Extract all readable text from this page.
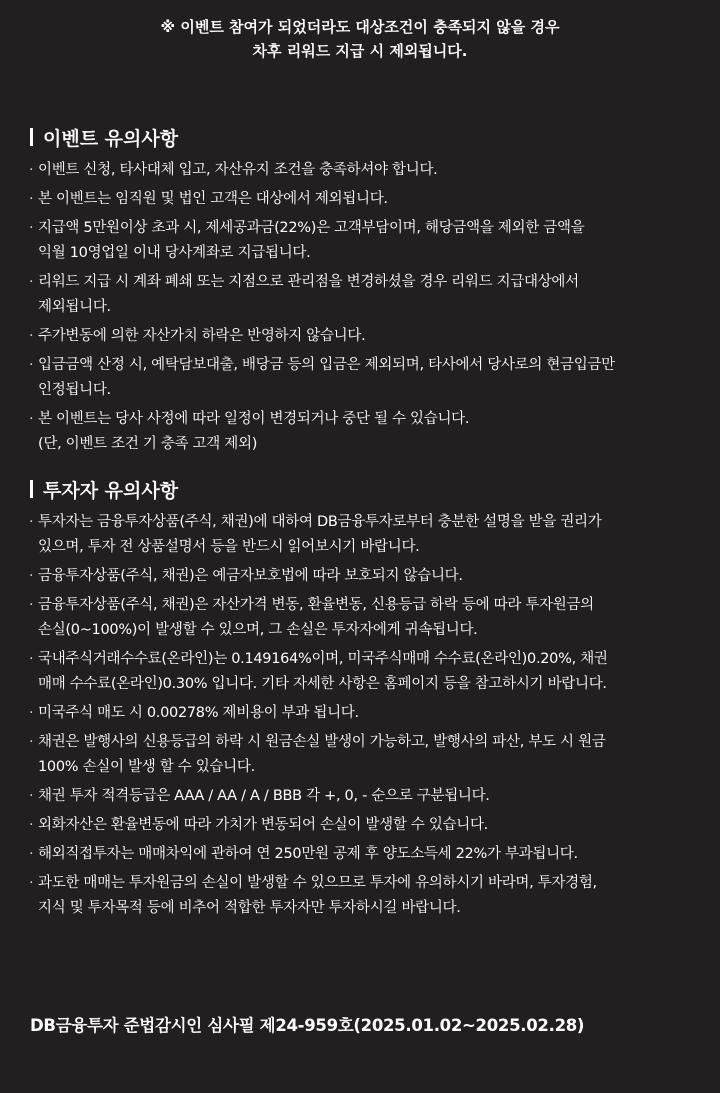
※ 이벤트 참여가 되었더라도 대상조건이 충족되지 않을 경우
차후 리워드 지급 시 제외됩니다.
이벤트 유의사항
· 이벤트 신청, 타사대체 입고, 자산유지 조건을 충족하셔야 합니다.
· 본 이벤트는 임직원 및 법인 고객은 대상에서 제외됩니다.
· 지급액 5만원이상 초과 시, 제세공과금(22%)은 고객부담이며, 해당금액을 제외한 금액을
익월 10영업일 이내 당사계좌로 지급됩니다.
· 리워드 지급 시 계좌 폐쇄 또는 지점으로 관리점을 변경하셨을 경우 리워드 지급대상에서
제외됩니다.
· 주가변동에 의한 자산가치 하락은 반영하지 않습니다.
· 입금금액 산정 시, 예탁담보대출, 배당금 등의 입금은 제외되며, 타사에서 당사로의 현금입금만
인정됩니다.
· 본 이벤트는 당사 사정에 따라 일정이 변경되거나 중단 될 수 있습니다.
(단, 이벤트 조건 기 충족 고객 제외)
투자자 유의사항
· 투자자는 금융투자상품(주식, 채권)에 대하여 DB금융투자로부터 충분한 설명을 받을 권리가
있으며, 투자 전 상품설명서 등을 반드시 읽어보시기 바랍니다.
· 금융투자상품(주식, 채권)은 예금자보호법에 따라 보호되지 않습니다.
· 금융투자상품(주식, 채권)은 자산가격 변동, 환율변동, 신용등급 하락 등에 따라 투자원금의
손실(0~100%)이 발생할 수 있으며, 그 손실은 투자자에게 귀속됩니다.
· 국내주식거래수수료(온라인)는 0.149164%이며, 미국주식매매 수수료(온라인)0.20%, 채권
매매 수수료(온라인)0.30% 입니다. 기타 자세한 사항은 홈페이지 등을 참고하시기 바랍니다.
· 미국주식 매도 시 0.00278% 제비용이 부과 됩니다.
· 채권은 발행사의 신용등급의 하락 시 원금손실 발생이 가능하고, 발행사의 파산, 부도 시 원금
100% 손실이 발생 할 수 있습니다.
· 채권 투자 적격등급은 AAA / AA / A / BBB 각 +, 0, - 순으로 구분됩니다.
· 외화자산은 환율변동에 따라 가치가 변동되어 손실이 발생할 수 있습니다.
· 해외직접투자는 매매차익에 관하여 연 250만원 공제 후 양도소득세 22%가 부과됩니다.
· 과도한 매매는 투자원금의 손실이 발생할 수 있으므로 투자에 유의하시기 바라며, 투자경험,
지식 및 투자목적 등에 비추어 적합한 투자자만 투자하시길 바랍니다.
DB금융투자 준법감시인 심사필 제24-959호(2025.01.02~2025.02.28)
